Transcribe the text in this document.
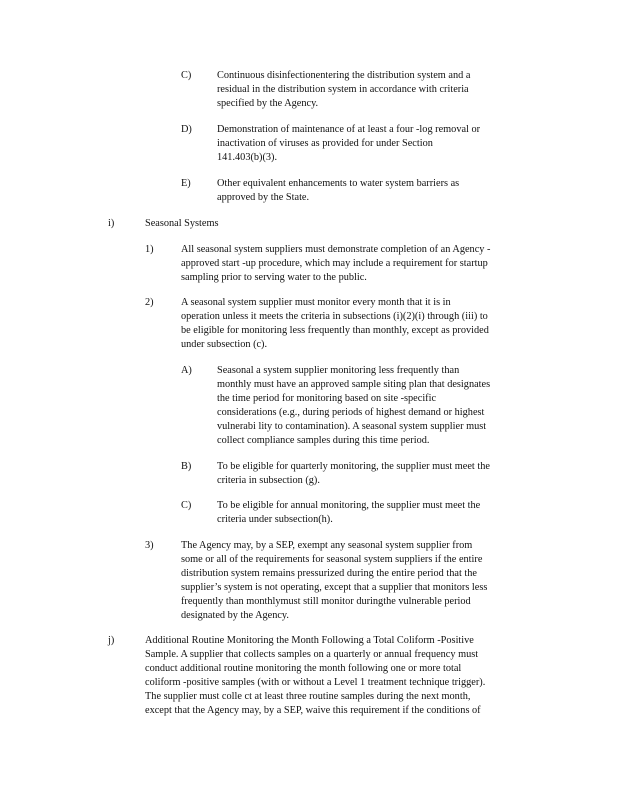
C) Continuous disinfectionentering the distribution system and a
residual in the distribution system in accordance with criteria
specified by the Agency.
D) Demonstration of maintenance of at least a four -log removal or
inactivation of viruses as provided for under Section
141.403(b)(3).
E)	Other equivalent enhancements to water system barriers as
approved by the State.
i)	Seasonal Systems
1)	All seasonal system suppliers must demonstrate completion of an Agency -
approved start -up procedure, which may include a requirement for startup
sampling prior to serving water to the public.
2)	A seasonal system supplier must monitor every month that it is in
operation unless it meets the criteria in subsections (i)(2)(i) through (iii) to
be eligible for monitoring less frequently than monthly, except as provided
under subsection (c).
A) Seasonal a system supplier monitoring less frequently than
monthly must have an approved sample siting plan that designates
the time period for monitoring based on site -specific
considerations (e.g., during periods of highest demand or highest
vulnerabi lity to contamination). A seasonal system supplier must
collect compliance samples during this time period.
B) To be eligible for quarterly monitoring, the supplier must meet the
criteria in subsection (g).
C) To be eligible for annual monitoring, the supplier must meet the
criteria under subsection(h).
3)	The Agency may, by a SEP, exempt any seasonal system supplier from
some or all of the requirements for seasonal system suppliers if the entire
distribution system remains pressurized during the entire period that the
supplier’s system is not operating, except that a supplier that monitors less
frequently than monthlymust still monitor duringthe vulnerable period
designated by the Agency.
j)	Additional Routine Monitoring the Month Following a Total Coliform -Positive
Sample. A supplier that collects samples on a quarterly or annual frequency must
conduct additional routine monitoring the month following one or more total
coliform -positive samples (with or without a Level 1 treatment technique trigger).
The supplier must colle ct at least three routine samples during the next month,
except that the Agency may, by a SEP, waive this requirement if the conditions of
